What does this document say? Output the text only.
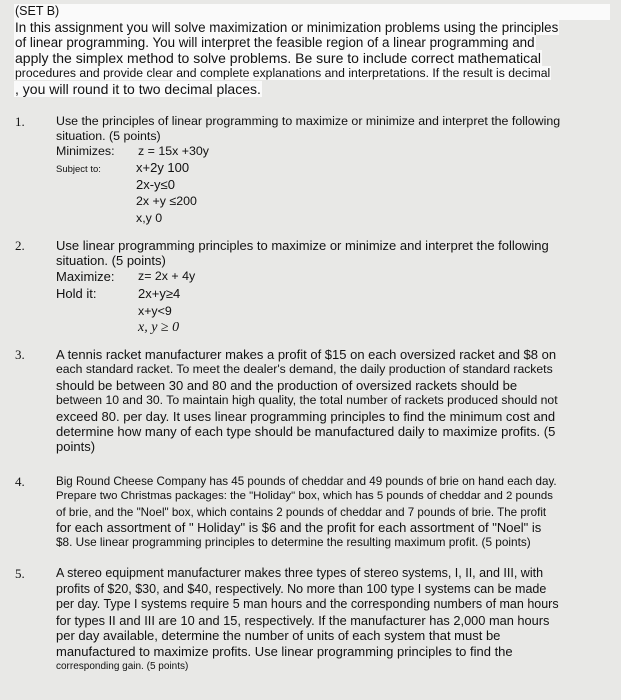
(SET B)
In this assignment you will solve maximization or minimization problems using the principles
of linear programming. You will interpret the feasible region of a linear programming and
apply the simplex method to solve problems. Be sure to include correct mathematical
procedures and provide clear and complete explanations and interpretations. If the result is decimal
, you will round it to two decimal places.
1.	Use the principles of linear programming to maximize or minimize and interpret the following
situation. (5 points)
Minimizes: z = 15x +30y
Subject to:	x+2y 100
2x-y≤0
2x +y ≤200
x,y 0
2. Use linear programming principles to maximize or minimize and interpret the following
situation. (5 points)
Maximize: z= 2x + 4y
Hold it:	2x+y≥4
x+y<9
x, y ≥ 0
3. A tennis racket manufacturer makes a profit of $15 on each oversized racket and $8 on
each standard racket. To meet the dealer's demand, the daily production of standard rackets
should be between 30 and 80 and the production of oversized rackets should be
between 10 and 30. To maintain high quality, the total number of rackets produced should not
exceed 80. per day. It uses linear programming principles to find the minimum cost and
determine how many of each type should be manufactured daily to maximize profits. (5
points)
4.	Big Round Cheese Company has 45 pounds of cheddar and 49 pounds of brie on hand each day.
Prepare two Christmas packages: the "Holiday" box, which has 5 pounds of cheddar and 2 pounds
of brie, and the "Noel" box, which contains 2 pounds of cheddar and 7 pounds of brie. The profit
for each assortment of " Holiday" is $6 and the profit for each assortment of "Noel" is
$8. Use linear programming principles to determine the resulting maximum profit. (5 points)
5.	A stereo equipment manufacturer makes three types of stereo systems, I, II, and III, with
profits of $20, $30, and $40, respectively. No more than 100 type I systems can be made
per day. Type I systems require 5 man hours and the corresponding numbers of man hours
for types II and III are 10 and 15, respectively. If the manufacturer has 2,000 man hours
per day available, determine the number of units of each system that must be
manufactured to maximize profits. Use linear programming principles to find the
corresponding gain. (5 points)
